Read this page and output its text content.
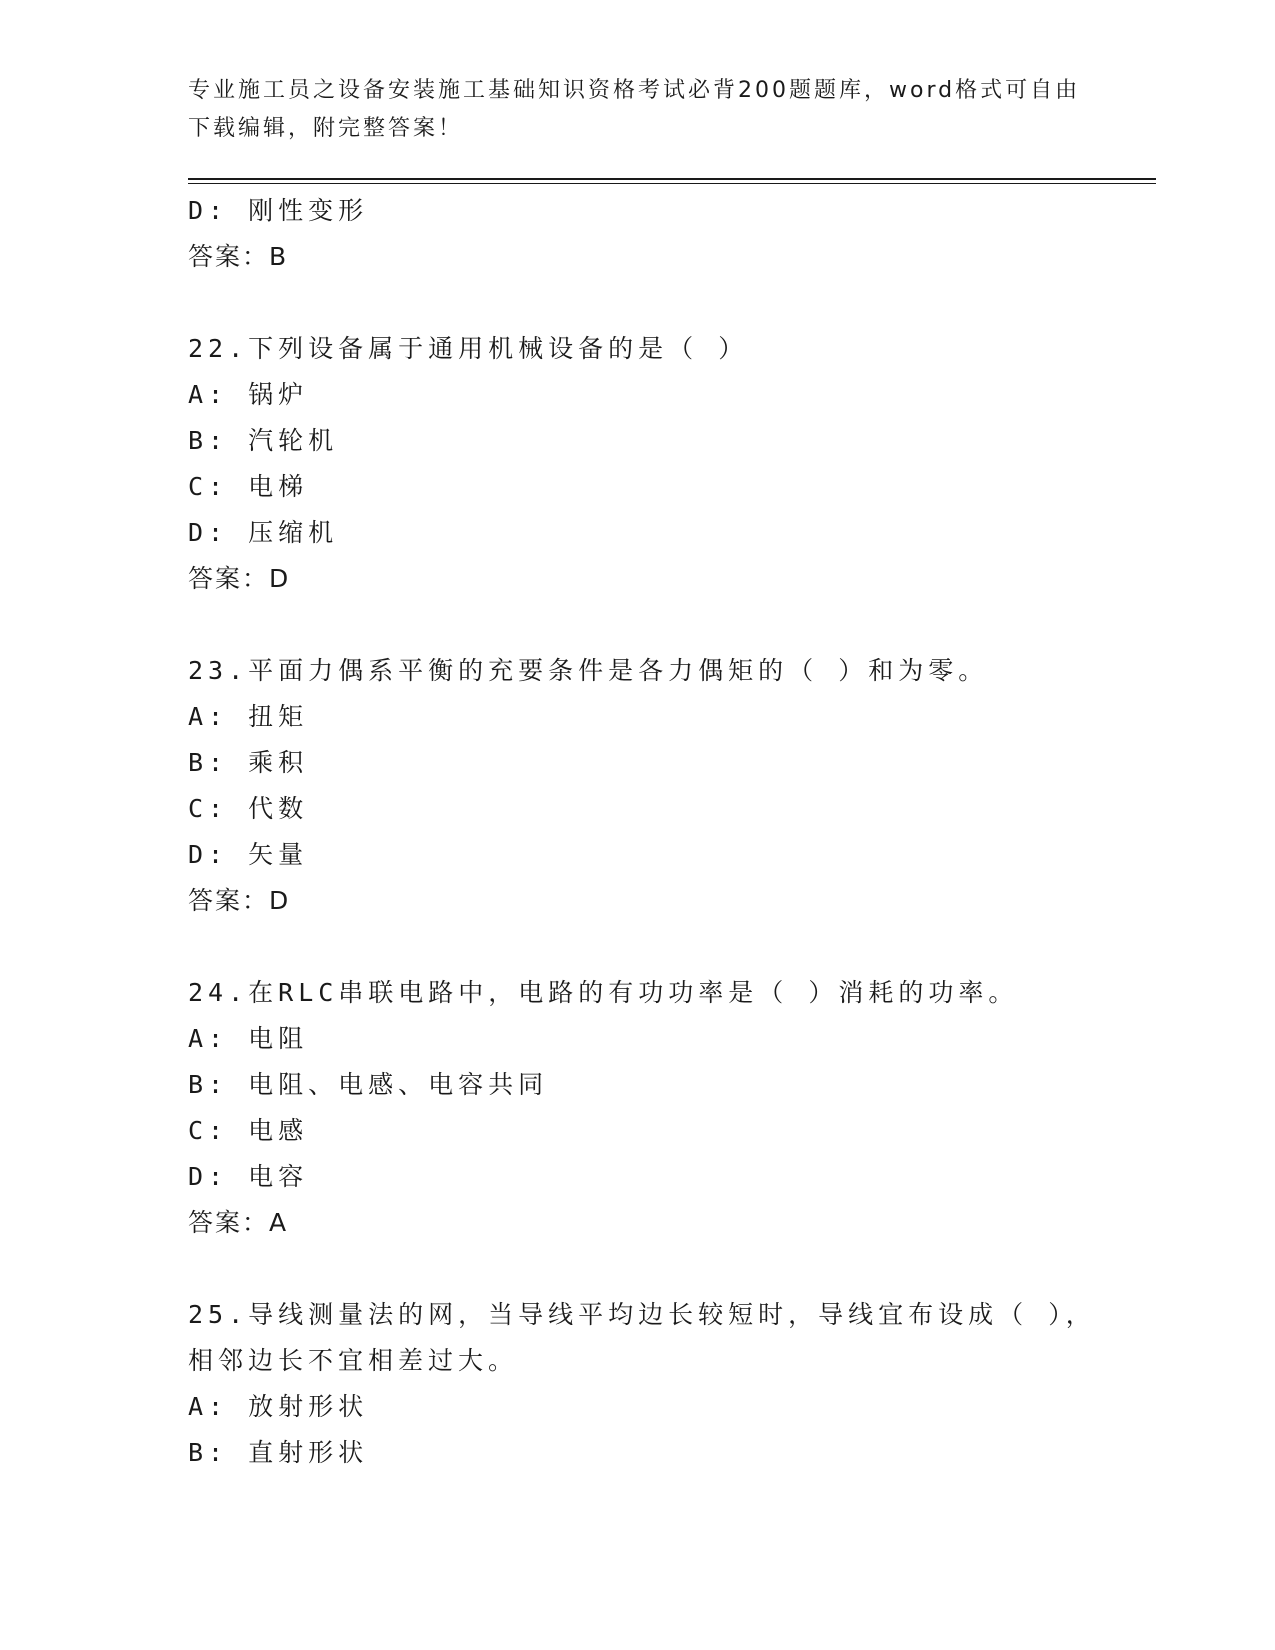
专业施工员之设备安装施工基础知识资格考试必背200题题库，word格式可自由
下载编辑，附完整答案！
D: 刚性变形
答案：B
22.下列设备属于通用机械设备的是（ ）
A: 锅炉
B: 汽轮机
C: 电梯
D: 压缩机
答案：D
23.平面力偶系平衡的充要条件是各力偶矩的（ ）和为零。
A: 扭矩
B: 乘积
C: 代数
D: 矢量
答案：D
24.在RLC串联电路中，电路的有功功率是（ ）消耗的功率。
A: 电阻
B: 电阻、电感、电容共同
C: 电感
D: 电容
答案：A
25.导线测量法的网，当导线平均边长较短时，导线宜布设成（ ），
相邻边长不宜相差过大。
A: 放射形状
B: 直射形状
